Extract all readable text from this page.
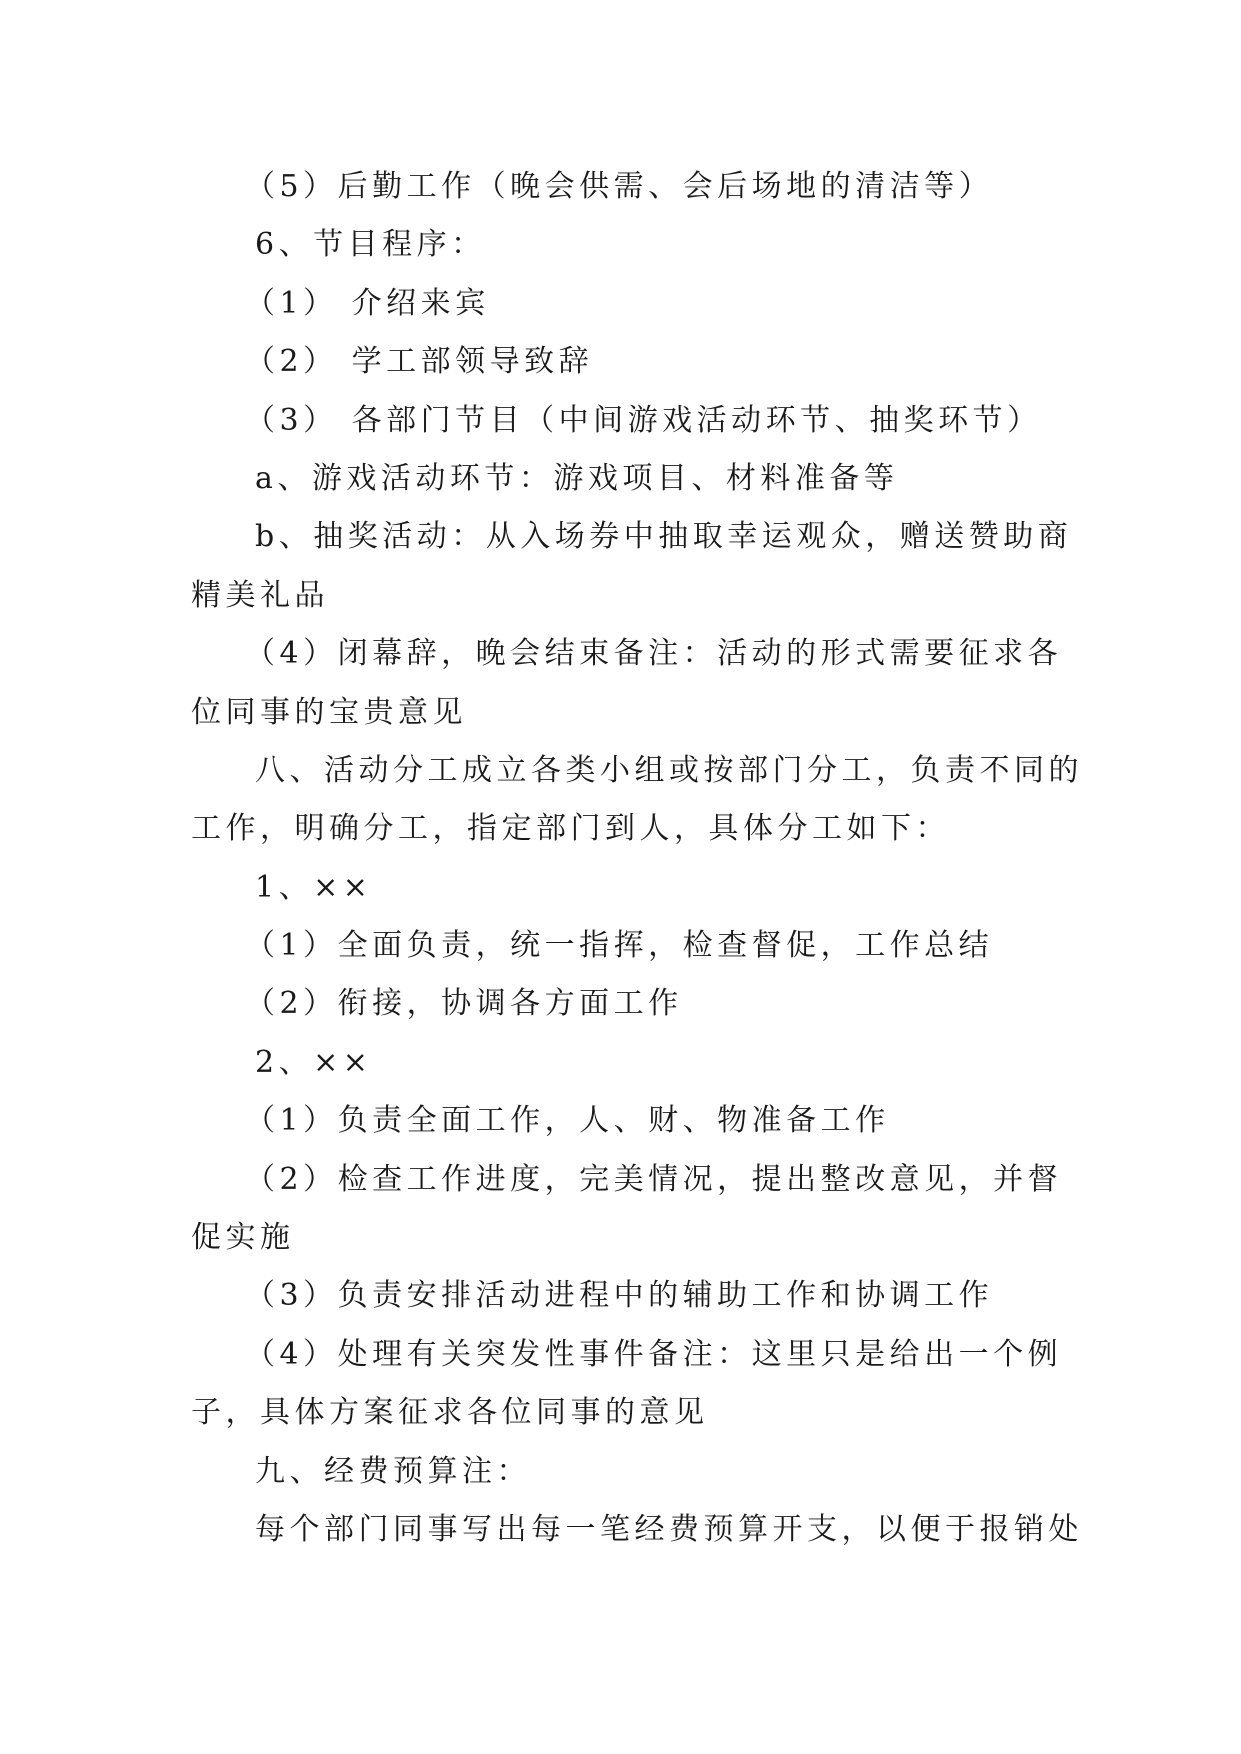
（5）后勤工作（晚会供需、会后场地的清洁等）
6、节目程序：
（1） 介绍来宾
（2） 学工部领导致辞
（3） 各部门节目（中间游戏活动环节、抽奖环节）
a、游戏活动环节：游戏项目、材料准备等
b、抽奖活动：从入场券中抽取幸运观众，赠送赞助商
精美礼品
（4）闭幕辞，晚会结束备注：活动的形式需要征求各
位同事的宝贵意见
八、活动分工成立各类小组或按部门分工，负责不同的
工作，明确分工，指定部门到人，具体分工如下：
1、××
（1）全面负责，统一指挥，检查督促，工作总结
（2）衔接，协调各方面工作
2、××
（1）负责全面工作，人、财、物准备工作
（2）检查工作进度，完美情况，提出整改意见，并督
促实施
（3）负责安排活动进程中的辅助工作和协调工作
（4）处理有关突发性事件备注：这里只是给出一个例
子，具体方案征求各位同事的意见
九、经费预算注：
每个部门同事写出每一笔经费预算开支，以便于报销处
